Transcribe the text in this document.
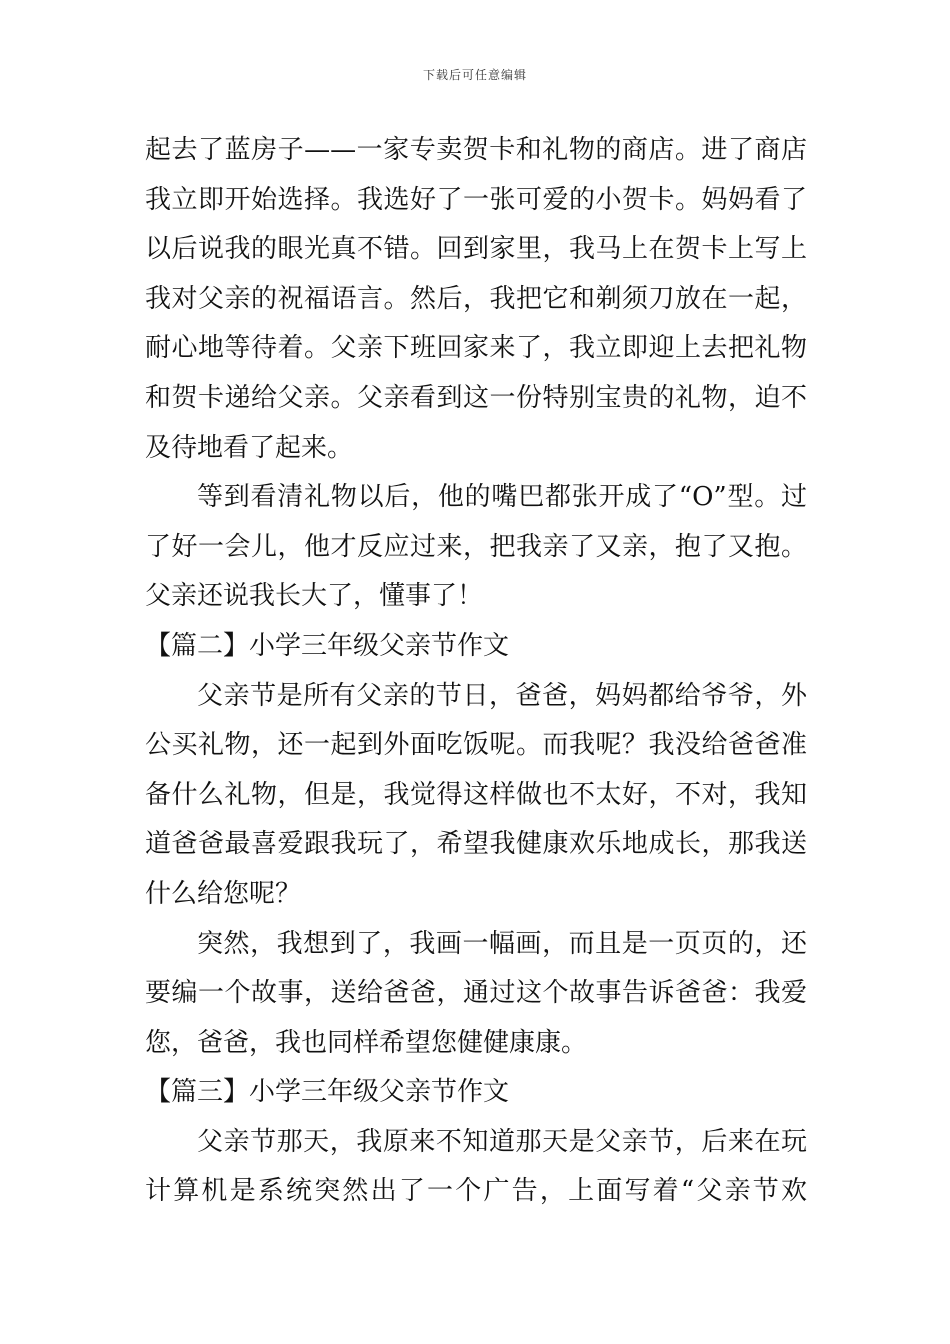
下载后可任意编辑
起去了蓝房子——一家专卖贺卡和礼物的商店。进了商店
我立即开始选择。我选好了一张可爱的小贺卡。妈妈看了
以后说我的眼光真不错。回到家里，我马上在贺卡上写上
我对父亲的祝福语言。然后，我把它和剃须刀放在一起，
耐心地等待着。父亲下班回家来了，我立即迎上去把礼物
和贺卡递给父亲。父亲看到这一份特别宝贵的礼物，迫不
及待地看了起来。
等到看清礼物以后，他的嘴巴都张开成了“O”型。过
了好一会儿，他才反应过来，把我亲了又亲，抱了又抱。
父亲还说我长大了，懂事了！
【篇二】小学三年级父亲节作文
父亲节是所有父亲的节日，爸爸，妈妈都给爷爷，外
公买礼物，还一起到外面吃饭呢。而我呢？我没给爸爸准
备什么礼物，但是，我觉得这样做也不太好，不对，我知
道爸爸最喜爱跟我玩了，希望我健康欢乐地成长，那我送
什么给您呢？
突然，我想到了，我画一幅画，而且是一页页的，还
要编一个故事，送给爸爸，通过这个故事告诉爸爸：我爱
您，爸爸，我也同样希望您健健康康。
【篇三】小学三年级父亲节作文
父亲节那天，我原来不知道那天是父亲节，后来在玩
计算机是系统突然出了一个广告，上面写着“父亲节欢
